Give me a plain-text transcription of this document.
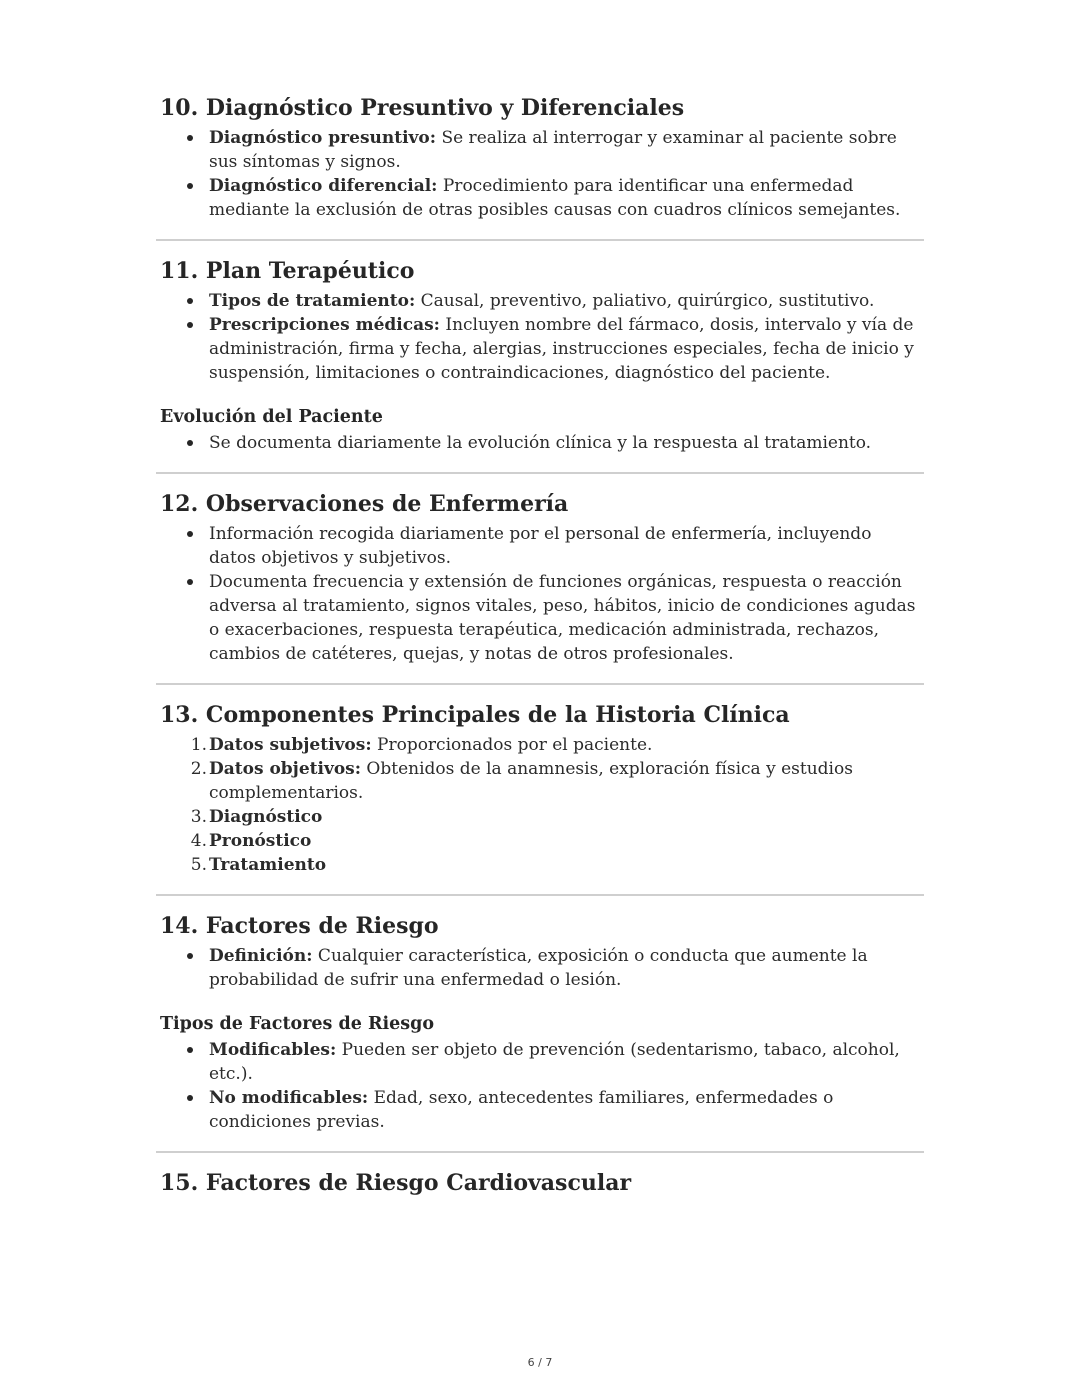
10. Diagnóstico Presuntivo y Diferenciales
Diagnóstico presuntivo: Se realiza al interrogar y examinar al paciente sobre sus síntomas y signos.
Diagnóstico diferencial: Procedimiento para identificar una enfermedad mediante la exclusión de otras posibles causas con cuadros clínicos semejantes.
11. Plan Terapéutico
Tipos de tratamiento: Causal, preventivo, paliativo, quirúrgico, sustitutivo.
Prescripciones médicas: Incluyen nombre del fármaco, dosis, intervalo y vía de administración, firma y fecha, alergias, instrucciones especiales, fecha de inicio y suspensión, limitaciones o contraindicaciones, diagnóstico del paciente.
Evolución del Paciente
Se documenta diariamente la evolución clínica y la respuesta al tratamiento.
12. Observaciones de Enfermería
Información recogida diariamente por el personal de enfermería, incluyendo datos objetivos y subjetivos.
Documenta frecuencia y extensión de funciones orgánicas, respuesta o reacción adversa al tratamiento, signos vitales, peso, hábitos, inicio de condiciones agudas o exacerbaciones, respuesta terapéutica, medicación administrada, rechazos, cambios de catéteres, quejas, y notas de otros profesionales.
13. Componentes Principales de la Historia Clínica
1. Datos subjetivos: Proporcionados por el paciente.
2. Datos objetivos: Obtenidos de la anamnesis, exploración física y estudios complementarios.
3. Diagnóstico
4. Pronóstico
5. Tratamiento
14. Factores de Riesgo
Definición: Cualquier característica, exposición o conducta que aumente la probabilidad de sufrir una enfermedad o lesión.
Tipos de Factores de Riesgo
Modificables: Pueden ser objeto de prevención (sedentarismo, tabaco, alcohol, etc.).
No modificables: Edad, sexo, antecedentes familiares, enfermedades o condiciones previas.
15. Factores de Riesgo Cardiovascular
6 / 7
